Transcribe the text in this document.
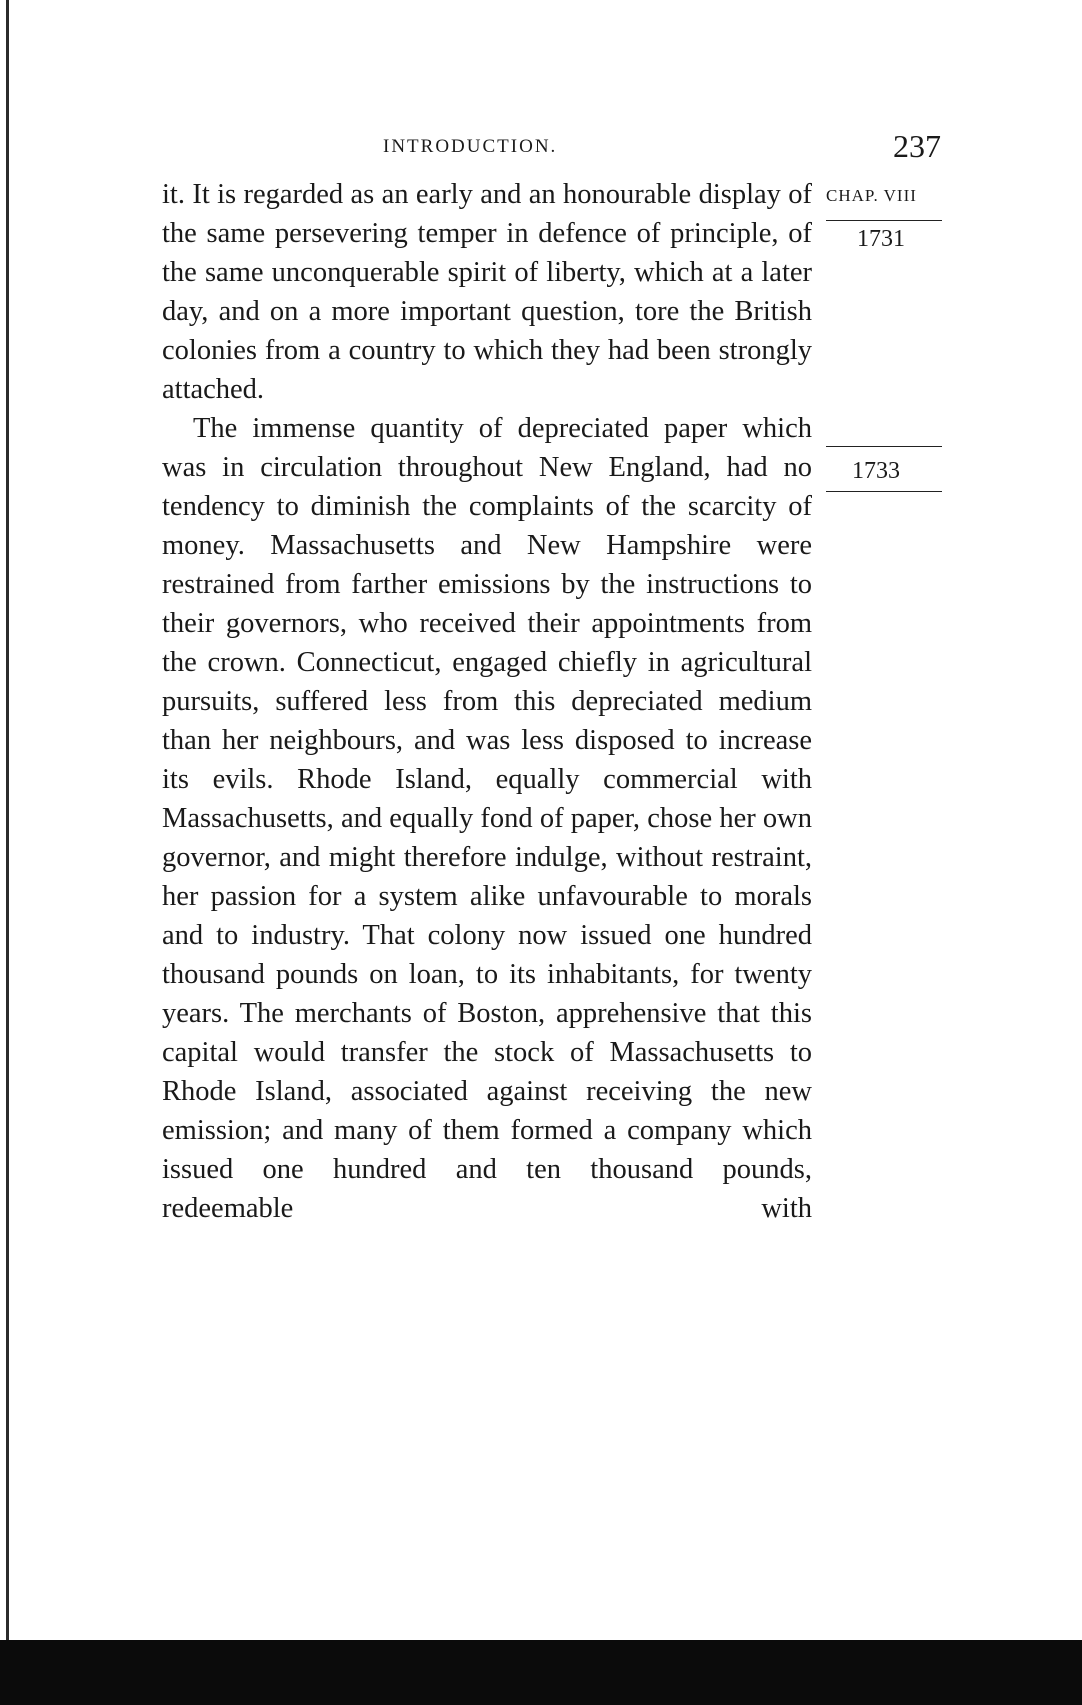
INTRODUCTION.	237

it. It is regarded as an early and an honourable display of the same persevering temper in defence of principle, of the same unconquerable spirit of liberty, which at a later day, and on a more important question, tore the British colonies from a country to which they had been strongly attached.

The immense quantity of depreciated paper which was in circulation throughout New England, had no tendency to diminish the complaints of the scarcity of money. Massachusetts and New Hampshire were restrained from farther emissions by the instructions to their governors, who received their appointments from the crown. Connecticut, engaged chiefly in agricultural pursuits, suffered less from this depreciated medium than her neighbours, and was less disposed to increase its evils. Rhode Island, equally commercial with Massachusetts, and equally fond of paper, chose her own governor, and might therefore indulge, without restraint, her passion for a system alike unfavourable to morals and to industry. That colony now issued one hundred thousand pounds on loan, to its inhabitants, for twenty years. The merchants of Boston, apprehensive that this capital would transfer the stock of Massachusetts to Rhode Island, associated against receiving the new emission; and many of them formed a company which issued one hundred and ten thousand pounds, redeemable with

CHAP. VIII
1731
1733
